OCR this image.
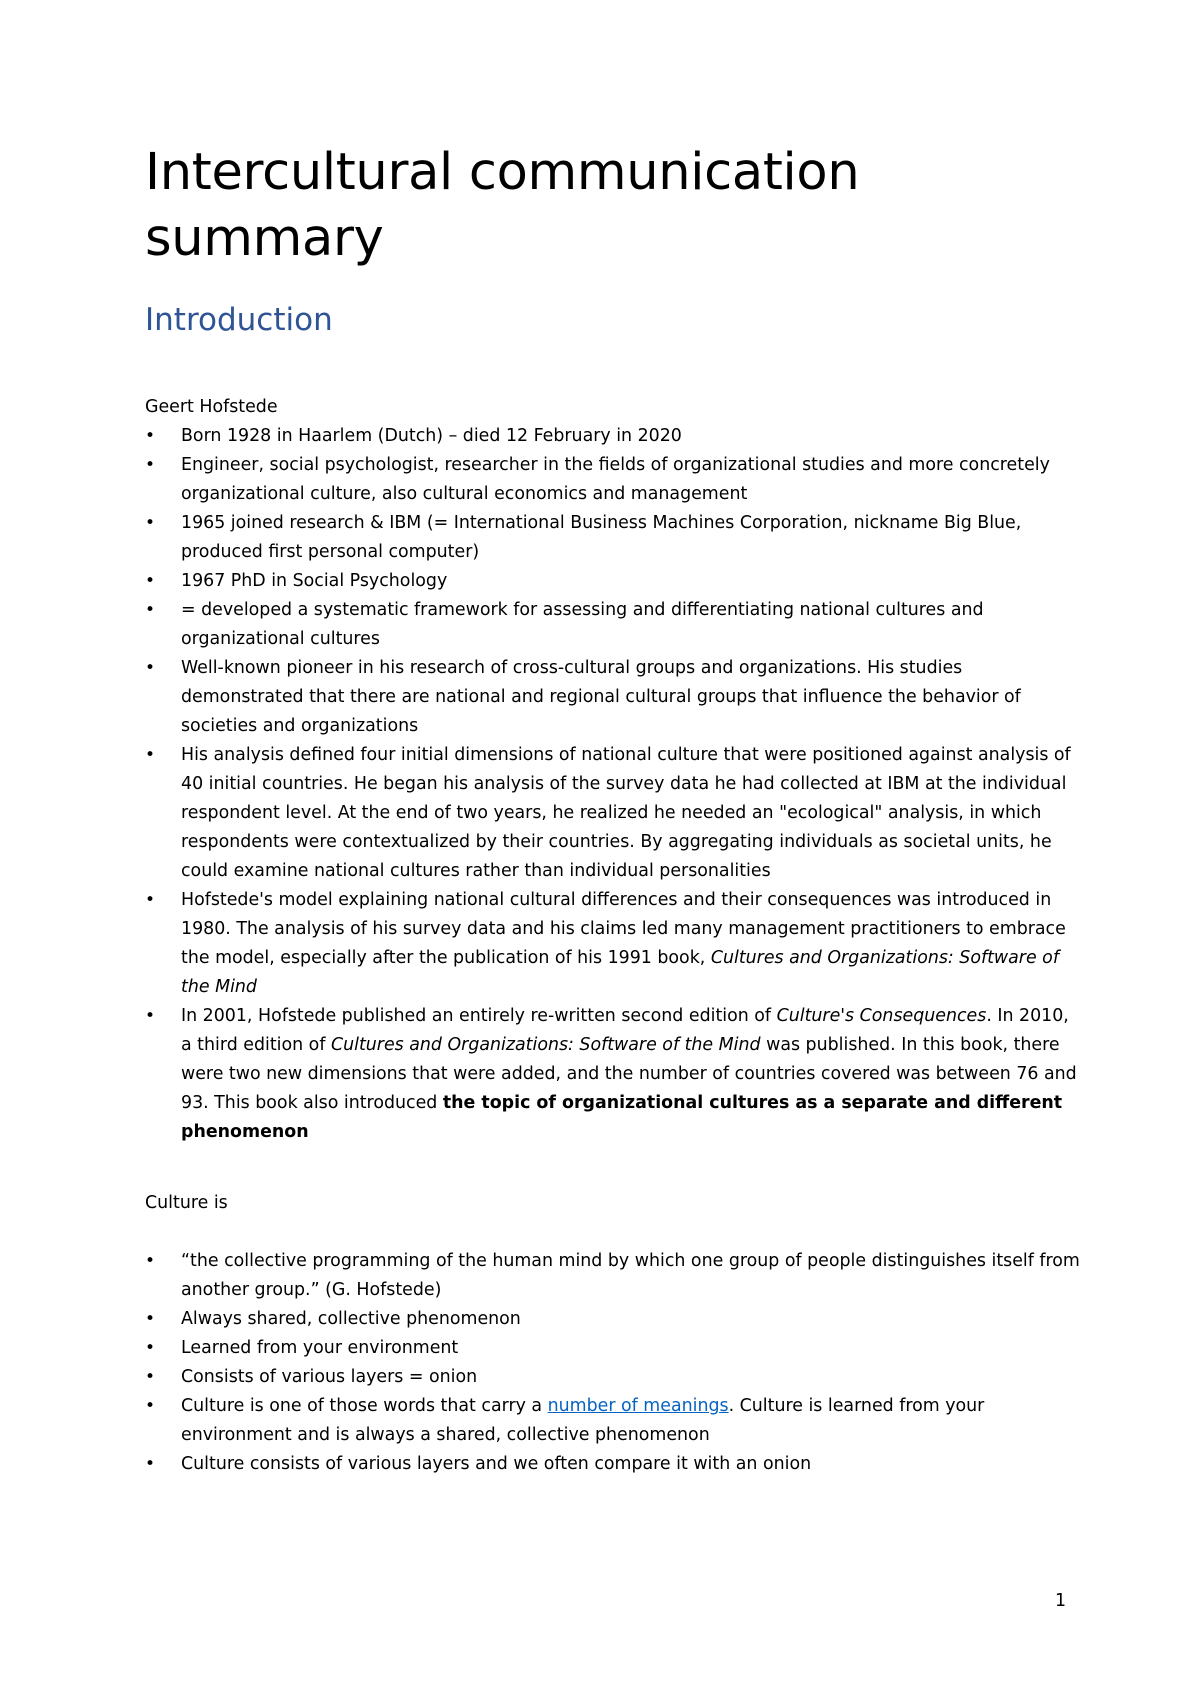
Intercultural communication summary
Introduction

Geert Hofstede

•	Born 1928 in Haarlem (Dutch) – died 12 February in 2020
•	Engineer, social psychologist, researcher in the fields of organizational studies and more concretely organizational culture, also cultural economics and management
•	1965 joined research & IBM (= International Business Machines Corporation, nickname Big Blue, produced first personal computer)
•	1967 PhD in Social Psychology
•	= developed a systematic framework for assessing and differentiating national cultures and organizational cultures
•	Well-known pioneer in his research of cross-cultural groups and organizations. His studies demonstrated that there are national and regional cultural groups that influence the behavior of societies and organizations
•	His analysis defined four initial dimensions of national culture that were positioned against analysis of 40 initial countries. He began his analysis of the survey data he had collected at IBM at the individual respondent level. At the end of two years, he realized he needed an "ecological" analysis, in which respondents were contextualized by their countries. By aggregating individuals as societal units, he could examine national cultures rather than individual personalities
•	Hofstede's model explaining national cultural differences and their consequences was introduced in 1980. The analysis of his survey data and his claims led many management practitioners to embrace the model, especially after the publication of his 1991 book, Cultures and Organizations: Software of the Mind
•	In 2001, Hofstede published an entirely re-written second edition of Culture's Consequences. In 2010, a third edition of Cultures and Organizations: Software of the Mind was published. In this book, there were two new dimensions that were added, and the number of countries covered was between 76 and 93. This book also introduced the topic of organizational cultures as a separate and different phenomenon

Culture is

•	“the collective programming of the human mind by which one group of people distinguishes itself from another group.” (G. Hofstede)
•	Always shared, collective phenomenon
•	Learned from your environment
•	Consists of various layers = onion
•	Culture is one of those words that carry a number of meanings. Culture is learned from your environment and is always a shared, collective phenomenon
•	Culture consists of various layers and we often compare it with an onion
1
